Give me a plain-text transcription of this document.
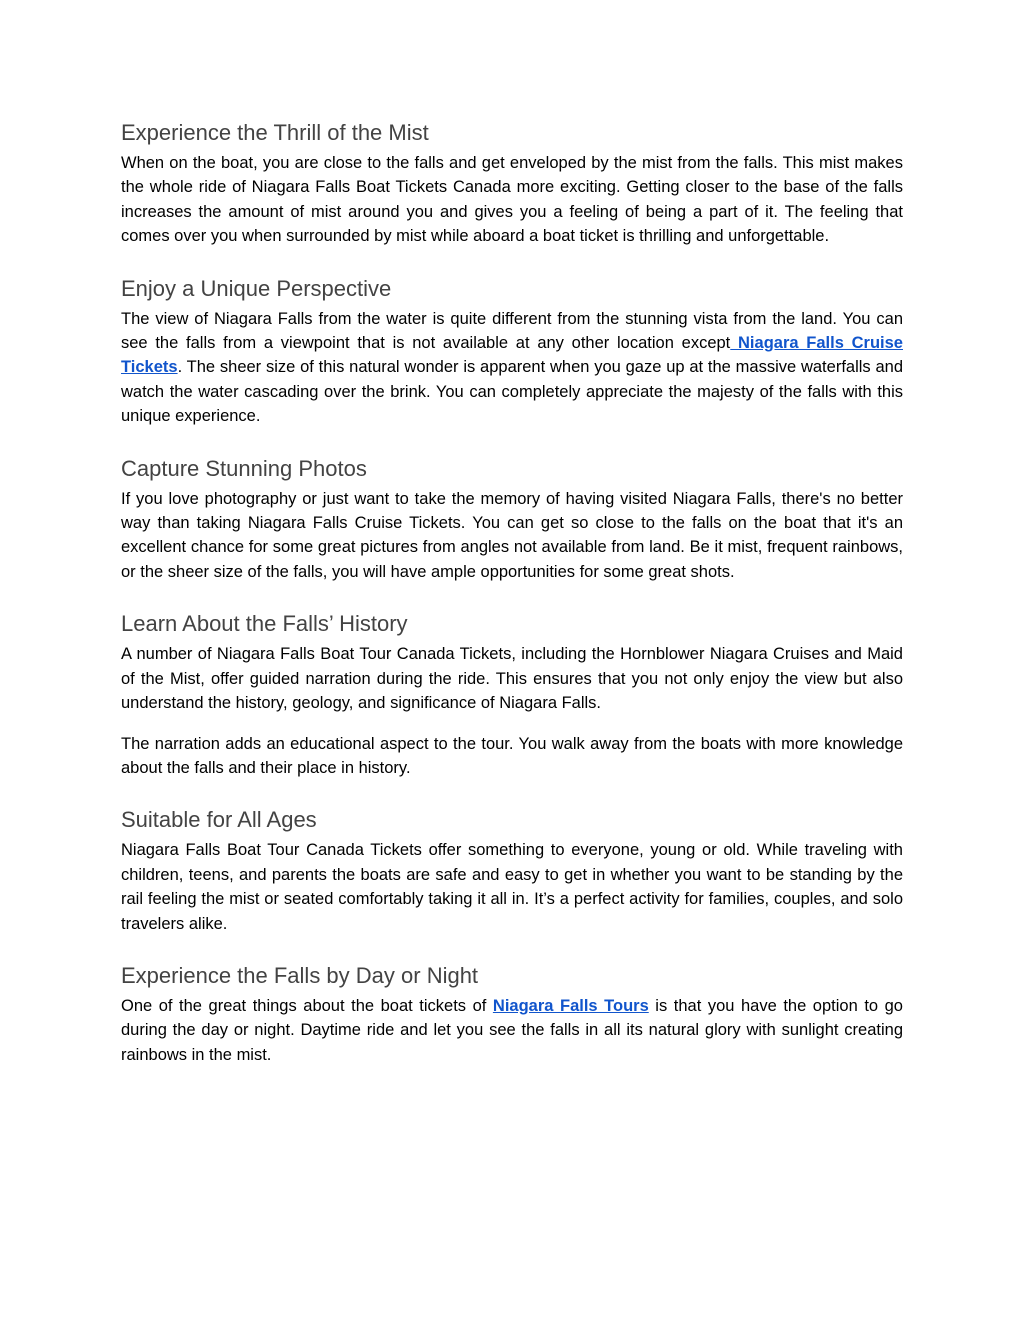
Experience the Thrill of the Mist

When on the boat, you are close to the falls and get enveloped by the mist from the falls. This mist makes the whole ride of Niagara Falls Boat Tickets Canada more exciting. Getting closer to the base of the falls increases the amount of mist around you and gives you a feeling of being a part of it. The feeling that comes over you when surrounded by mist while aboard a boat ticket is thrilling and unforgettable.

Enjoy a Unique Perspective

The view of Niagara Falls from the water is quite different from the stunning vista from the land. You can see the falls from a viewpoint that is not available at any other location except Niagara Falls Cruise Tickets. The sheer size of this natural wonder is apparent when you gaze up at the massive waterfalls and watch the water cascading over the brink. You can completely appreciate the majesty of the falls with this unique experience.

Capture Stunning Photos

If you love photography or just want to take the memory of having visited Niagara Falls, there's no better way than taking Niagara Falls Cruise Tickets. You can get so close to the falls on the boat that it's an excellent chance for some great pictures from angles not available from land. Be it mist, frequent rainbows, or the sheer size of the falls, you will have ample opportunities for some great shots.

Learn About the Falls’ History

A number of Niagara Falls Boat Tour Canada Tickets, including the Hornblower Niagara Cruises and Maid of the Mist, offer guided narration during the ride. This ensures that you not only enjoy the view but also understand the history, geology, and significance of Niagara Falls.

The narration adds an educational aspect to the tour. You walk away from the boats with more knowledge about the falls and their place in history.

Suitable for All Ages

Niagara Falls Boat Tour Canada Tickets offer something to everyone, young or old. While traveling with children, teens, and parents the boats are safe and easy to get in whether you want to be standing by the rail feeling the mist or seated comfortably taking it all in. It’s a perfect activity for families, couples, and solo travelers alike.

Experience the Falls by Day or Night

One of the great things about the boat tickets of Niagara Falls Tours is that you have the option to go during the day or night. Daytime ride and let you see the falls in all its natural glory with sunlight creating rainbows in the mist.
